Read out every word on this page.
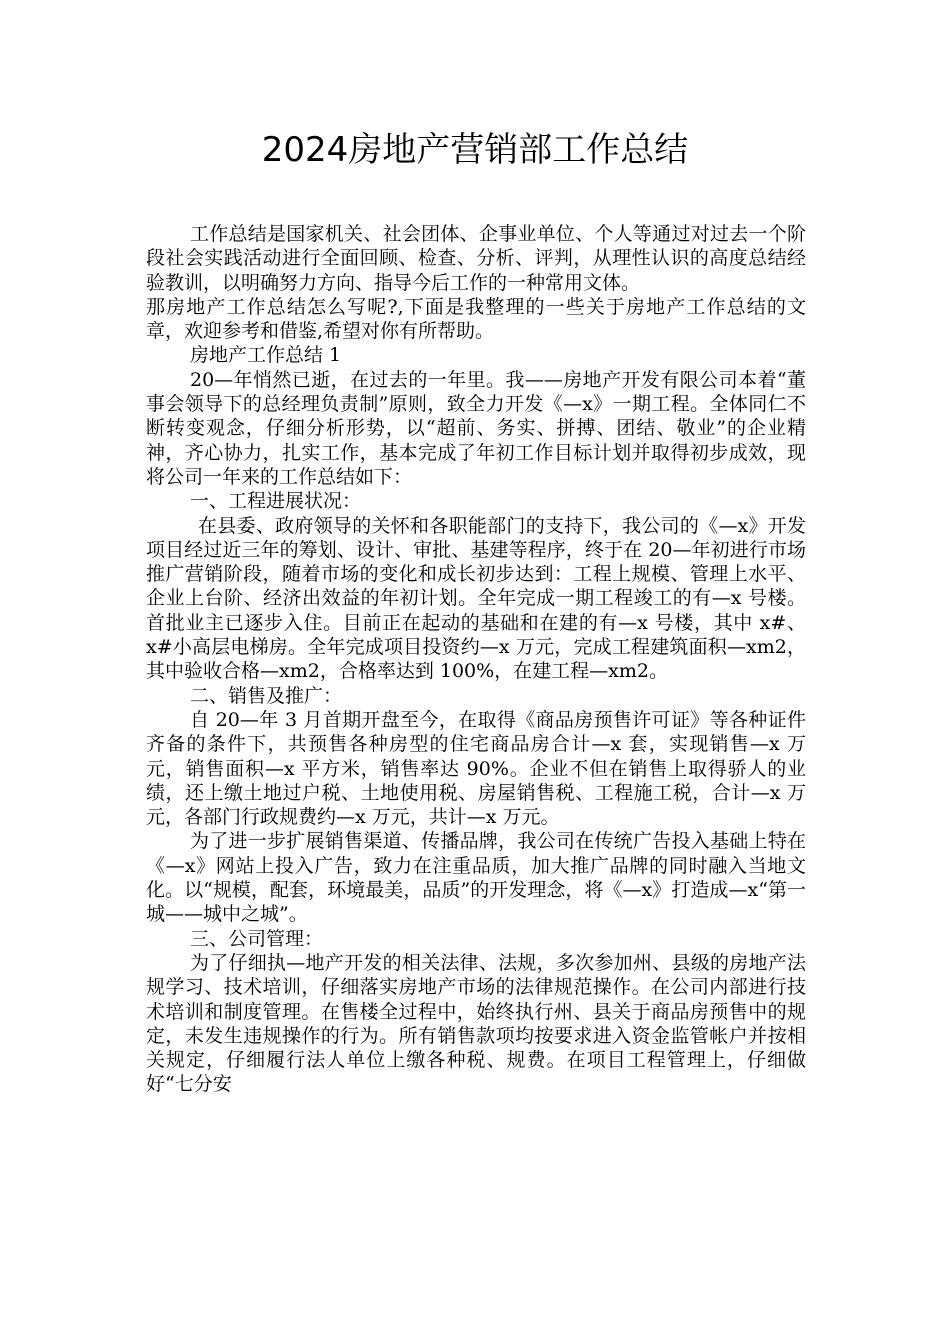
2024房地产营销部工作总结

工作总结是国家机关、社会团体、企事业单位、个人等通过对过去一个阶段社会实践活动进行全面回顾、检查、分析、评判，从理性认识的高度总结经验教训，以明确努力方向、指导今后工作的一种常用文体。

那房地产工作总结怎么写呢?,下面是我整理的一些关于房地产工作总结的文章，欢迎参考和借鉴,希望对你有所帮助。

房地产工作总结 1

20—年悄然已逝，在过去的一年里。我——房地产开发有限公司本着“董事会领导下的总经理负责制”原则，致全力开发《—x》一期工程。全体同仁不断转变观念，仔细分析形势，以“超前、务实、拼搏、团结、敬业”的企业精神，齐心协力，扎实工作，基本完成了年初工作目标计划并取得初步成效，现将公司一年来的工作总结如下：

一、工程进展状况：

在县委、政府领导的关怀和各职能部门的支持下，我公司的《—x》开发项目经过近三年的筹划、设计、审批、基建等程序，终于在 20—年初进行市场推广营销阶段，随着市场的变化和成长初步达到：工程上规模、管理上水平、企业上台阶、经济出效益的年初计划。全年完成一期工程竣工的有—x 号楼。首批业主已逐步入住。目前正在起动的基础和在建的有—x 号楼，其中 x#、x#小高层电梯房。全年完成项目投资约—x 万元，完成工程建筑面积—xm2，其中验收合格—xm2，合格率达到 100%，在建工程—xm2。

二、销售及推广：

自 20—年 3 月首期开盘至今，在取得《商品房预售许可证》等各种证件齐备的条件下，共预售各种房型的住宅商品房合计—x 套，实现销售—x 万元，销售面积—x 平方米，销售率达 90%。企业不但在销售上取得骄人的业绩，还上缴土地过户税、土地使用税、房屋销售税、工程施工税，合计—x 万元，各部门行政规费约—x 万元，共计—x 万元。

为了进一步扩展销售渠道、传播品牌，我公司在传统广告投入基础上特在《—x》网站上投入广告，致力在注重品质，加大推广品牌的同时融入当地文化。以“规模，配套，环境最美，品质”的开发理念，将《—x》打造成—x“第一城——城中之城”。

三、公司管理：

为了仔细执—地产开发的相关法律、法规，多次参加州、县级的房地产法规学习、技术培训，仔细落实房地产市场的法律规范操作。在公司内部进行技术培训和制度管理。在售楼全过程中，始终执行州、县关于商品房预售中的规定，未发生违规操作的行为。所有销售款项均按要求进入资金监管帐户并按相关规定，仔细履行法人单位上缴各种税、规费。在项目工程管理上，仔细做好“七分安
